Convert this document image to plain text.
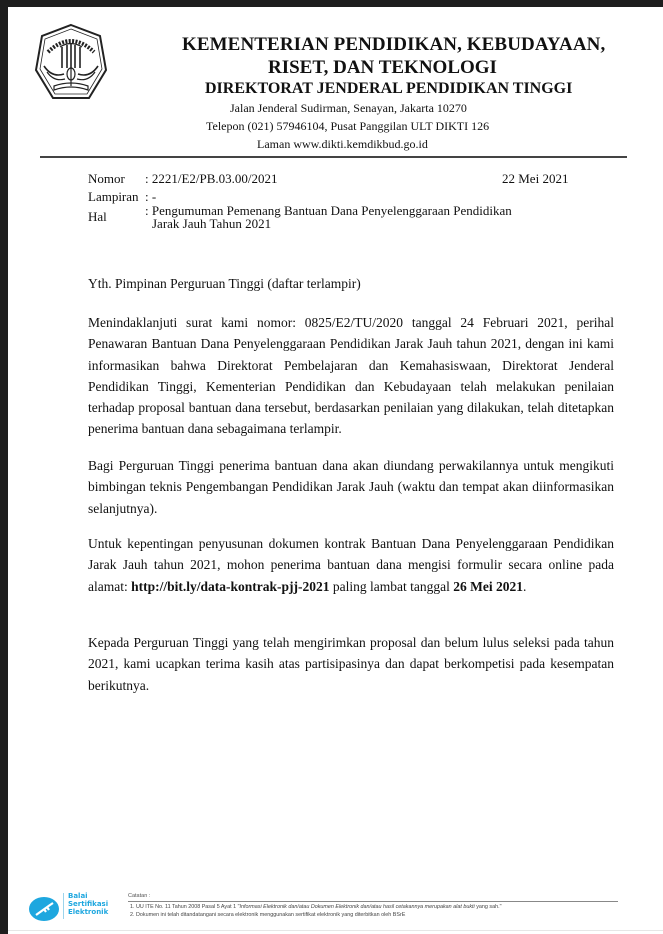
KEMENTERIAN PENDIDIKAN, KEBUDAYAAN,
RISET, DAN TEKNOLOGI
DIREKTORAT JENDERAL PENDIDIKAN TINGGI
Jalan Jenderal Sudirman, Senayan, Jakarta 10270
Telepon (021) 57946104, Pusat Panggilan ULT DIKTI 126
Laman www.dikti.kemdikbud.go.id
Nomor : 2221/E2/PB.03.00/2021	22 Mei 2021
Lampiran : -
Hal	: Pengumuman Pemenang Bantuan Dana Penyelenggaraan Pendidikan
Jarak Jauh Tahun 2021

Yth. Pimpinan Perguruan Tinggi (daftar terlampir)

Menindaklanjuti surat kami nomor: 0825/E2/TU/2020 tanggal 24 Februari 2021, perihal Penawaran Bantuan Dana Penyelenggaraan Pendidikan Jarak Jauh tahun 2021, dengan ini kami informasikan bahwa Direktorat Pembelajaran dan Kemahasiswaan, Direktorat Jenderal Pendidikan Tinggi, Kementerian Pendidikan dan Kebudayaan telah melakukan penilaian terhadap proposal bantuan dana tersebut, berdasarkan penilaian yang dilakukan, telah ditetapkan penerima bantuan dana sebagaimana terlampir.

Bagi Perguruan Tinggi penerima bantuan dana akan diundang perwakilannya untuk mengikuti bimbingan teknis Pengembangan Pendidikan Jarak Jauh (waktu dan tempat akan diinformasikan selanjutnya).

Untuk kepentingan penyusunan dokumen kontrak Bantuan Dana Penyelenggaraan Pendidikan Jarak Jauh tahun 2021, mohon penerima bantuan dana mengisi formulir secara online pada alamat: http://bit.ly/data-kontrak-pjj-2021 paling lambat tanggal 26 Mei 2021.

Kepada Perguruan Tinggi yang telah mengirimkan proposal dan belum lulus seleksi pada tahun 2021, kami ucapkan terima kasih atas partisipasinya dan dapat berkompetisi pada kesempatan berikutnya.

Balai
Sertifikasi
Elektronik
Catatan :
1. UU ITE No. 11 Tahun 2008 Pasal 5 Ayat 1 "Informasi Elektronik dan/atau Dokumen Elektronik dan/atau hasil cetakannya merupakan alat bukti yang sah."
2. Dokumen ini telah ditandatangani secara elektronik menggunakan sertifikat elektronik yang diterbitkan oleh BSrE
